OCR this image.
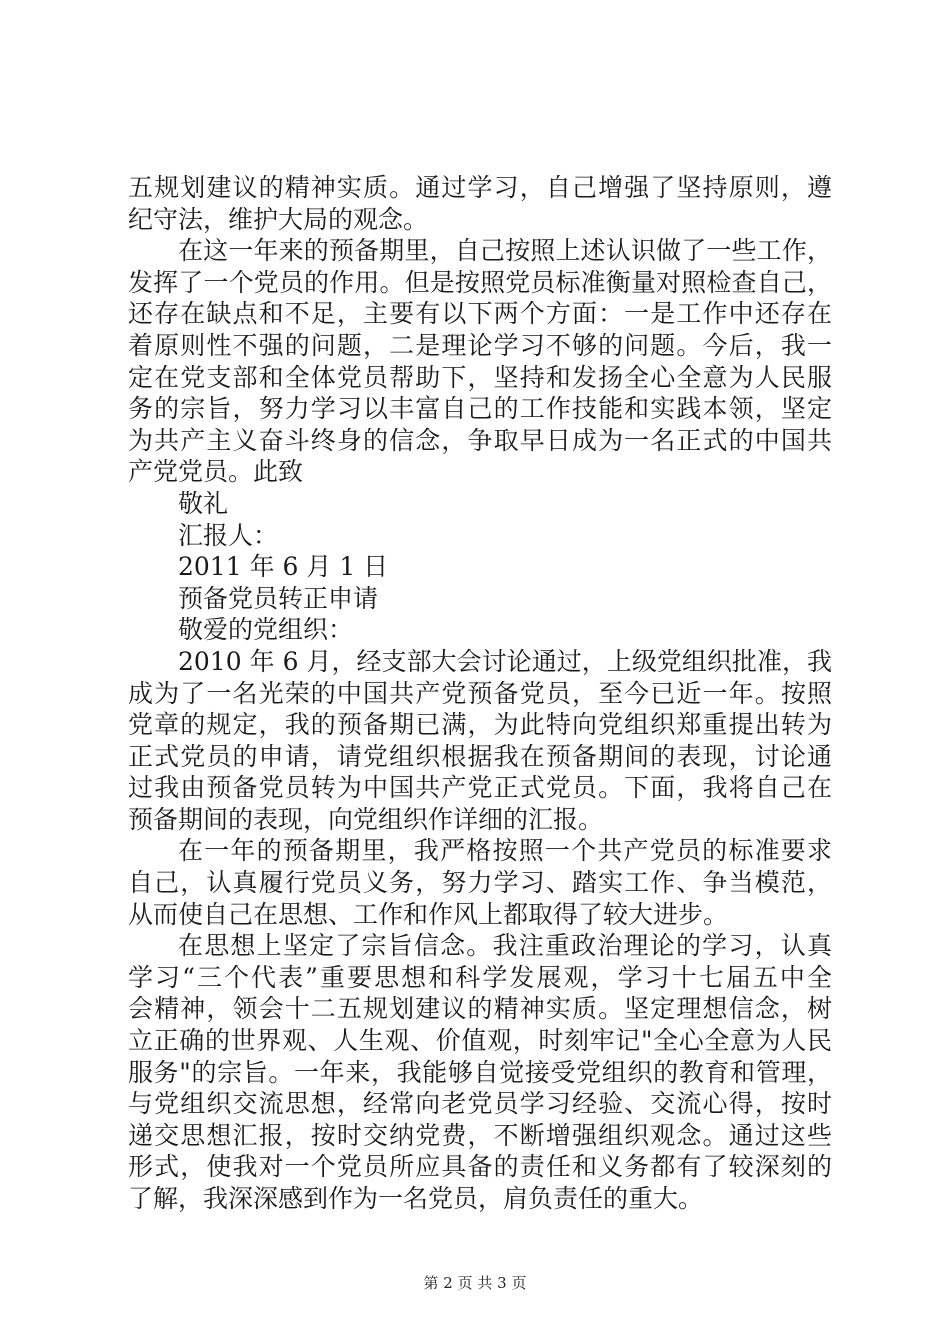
五规划建议的精神实质。通过学习，自己增强了坚持原则，遵
纪守法，维护大局的观念。
在这一年来的预备期里，自己按照上述认识做了一些工作，
发挥了一个党员的作用。但是按照党员标准衡量对照检查自己，
还存在缺点和不足，主要有以下两个方面：一是工作中还存在
着原则性不强的问题，二是理论学习不够的问题。今后，我一
定在党支部和全体党员帮助下，坚持和发扬全心全意为人民服
务的宗旨，努力学习以丰富自己的工作技能和实践本领，坚定
为共产主义奋斗终身的信念，争取早日成为一名正式的中国共
产党党员。此致
敬礼
汇报人：
2011 年 6 月 1 日
预备党员转正申请
敬爱的党组织：
2010 年 6 月，经支部大会讨论通过，上级党组织批准，我
成为了一名光荣的中国共产党预备党员，至今已近一年。按照
党章的规定，我的预备期已满，为此特向党组织郑重提出转为
正式党员的申请，请党组织根据我在预备期间的表现，讨论通
过我由预备党员转为中国共产党正式党员。下面，我将自己在
预备期间的表现，向党组织作详细的汇报。
在一年的预备期里，我严格按照一个共产党员的标准要求
自己，认真履行党员义务，努力学习、踏实工作、争当模范，
从而使自己在思想、工作和作风上都取得了较大进步。
在思想上坚定了宗旨信念。我注重政治理论的学习，认真
学习“三个代表”重要思想和科学发展观，学习十七届五中全
会精神，领会十二五规划建议的精神实质。坚定理想信念，树
立正确的世界观、人生观、价值观，时刻牢记"全心全意为人民
服务"的宗旨。一年来，我能够自觉接受党组织的教育和管理，
与党组织交流思想，经常向老党员学习经验、交流心得，按时
递交思想汇报，按时交纳党费，不断增强组织观念。通过这些
形式，使我对一个党员所应具备的责任和义务都有了较深刻的
了解，我深深感到作为一名党员，肩负责任的重大。
第 2 页 共 3 页
